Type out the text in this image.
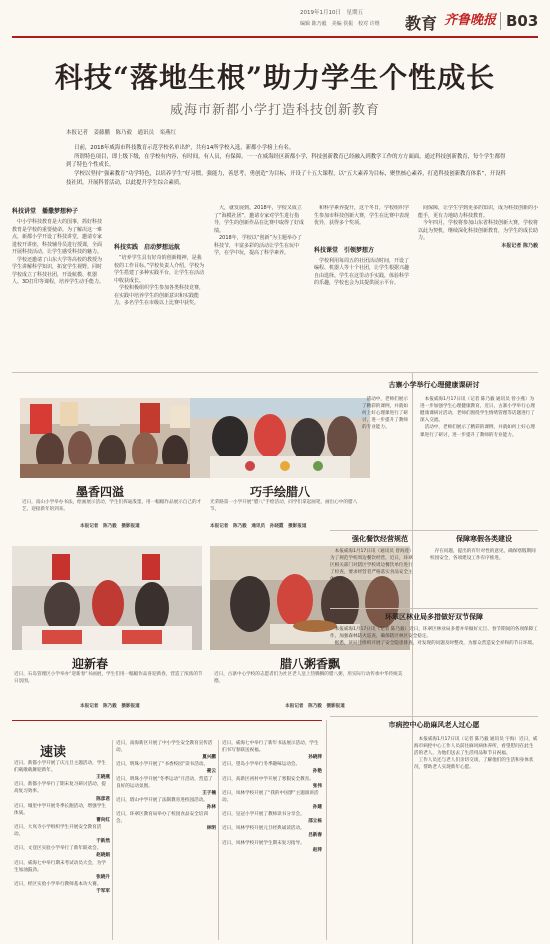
2019年1月10日　星期五
编辑 陈乃毅　美编 侯振　校对 许维 教育 齐鲁晚报 B03
科技“落地生根”助力学生个性成长
威海市新都小学打造科技创新教育
本报记者　姜藤鹏　陈乃毅　通讯员　栾燕红

日前，2018年威海市科技教育示范学校名单出炉，共有14所学校入选，新都小学榜上有名。

所谓特色项目，即上级下级，在学校有内容，有时间，有人员，有保障。一一在威海经区新都小学，科技创新教育已经融入到教学工作的方方面面，通过科技创新教育，每个学生都得到了特色个性成长。

学校以坚持“强素教育”功学特色，以培养学生“好习惯，强能力，善思考，勇创造”为目标，开设了十五大课程，以“五大素养为目标，聚焦核心素养，打造科技创新教育体系”，开设科技社团，开展科普活动，以此提升学生综合素质。

科技讲堂　播撒梦想种子

中小学科技教育是大的国事，抓好科技教育是学校的重要使命。为了解决这一难点，新都小学开设了科技讲堂，邀请专家进校开讲座，科技辅导员进行授课，全面开展科技活动，让学生感受科技的魅力。

学校还邀请了山东大学等高校的教授为学生讲解科学知识，拓宽学生视野。同时学校成立了科技社团，开设航模、机器人、3D打印等课程，培养学生动手能力。

科技实践　启动梦想远航

“培养学生具有好奇的创新精神，是我校的工作目标。”学校负责人介绍，学校为学生搭建了多种实践平台，让学生在活动中收获成长。

学校积极组织学生参加各类科技竞赛，在实践中培养学生的创新意识和实践能力，多名学生在市级以上比赛中获奖。

大，就发展到。2018年，学校又成立了“海模社团”，邀请专家对学生进行指导，学生的创新作品在比赛中取得了好成绩。

2018年，学校以“创新”为主题举办了科技节，丰富多彩的活动让学生在玩中学，在学中玩，提高了科学素养。

和科学素养提升，这个冬日，学校组织学生参加市科技创新大赛，学生在比赛中表现优异，获得多个奖项。

科技课堂　引领梦想方

学校利用每周五的社团活动时间，开设了编程、机器人等十个社团，让学生根据兴趣自由选择。学生在这里动手实践，体验科学的乐趣，学校也会为其提供展示平台。

间保障，让学生学到更多的知识，成为科技创新的小能手，更有力地助力科技教育。

今年四月，学校将参加山东省科技创新大赛，学校将以此为契机，继续深化科技创新教育，为学生的成长助力。

本报记者 陈乃毅

墨香四溢
近日，南山小学举办书法，绘画展示活动，学生们挥毫泼墨，用一幅幅作品展示自己的才艺，迎接新年的到来。
本报记者　陈乃毅　摄影报道
巧手绘腊八
光荣路第一小学开展“腊八”手绘活动，同学们拿起画笔，画出心中的腊八节。
本报记者　陈乃毅　通讯员　孙晓霞　摄影报道
迎新春
近日，石岛管理区小学举办“迎新春”书画展，学生们用一幅幅作品喜迎新春，营造了浓浓的节日氛围。
本报记者　陈乃毅　摄影报道
腊八粥香飘
近日，古寨中心学校的志愿者们为社区老人送上热腾腾的腊八粥，用实际行动传承中华传统美德。
本报记者　陈乃毅　摄影报道
古寨小学举行心理健康课研讨

本报威海1月17日讯（记者 陈乃毅 通讯员 曾小燕）为进一步加强学生心理健康教育，近日，古寨小学举行心理健康课研讨活动，老师们围绕学生情绪管理等话题进行了深入交流。

活动中，老师们展示了精彩的课例，并就如何上好心理课进行了研讨，进一步提升了教师的专业能力。

活动中，老师们展示了精彩的课例，并就如何上好心理课进行了研讨，进一步提升了教师的专业能力。

强化餐饮经营规范

本报威海1月17日讯（通讯员 曾海莲）为了规范学校周边餐饮经营，近日，环翠区相关部门对辖区学校周边餐饮单位进行了检查，要求经营者严格落实食品安全主体责任。

保障寒假各类建设

存在问题，提出的有针对性的意见，确保寒假期间校园安全，各项建设工作有序推进。

环翠区林业局多措做好双节保障

本报威海1月17日讯（记者 陈乃毅）近日，环翠区林业局多措并举做好元旦、春节期间的各项保障工作，加强森林防火巡查，确保辖区林区安全稳定。

据悉，该局还组织开展了安全隐患排查，对发现的问题及时整改，为群众营造安全祥和的节日环境。

市病控中心助麻风老人过心愿

本报威海1月17日讯（记者 陈乃毅 通讯员 宇海）近日，威海市病控中心工作人员前往麻风病休养所，看望慰问在此生活的老人，为他们送去了生活用品和节日祝福。

工作人员还与老人们亲切交谈，了解他们的生活和身体状况，帮助老人实现新年心愿。

速读

近日，新都小学开展了庆元旦主题活动，学生们载歌载舞迎新年。

王晓燕

近日，新都小学举行了期末复习研讨活动，提高复习效率。

陈彦君

近日，城里中学开展冬季长跑活动，增强学生体质。

曹向红

近日，大岚寺小学组织学生开展安全教育活动。

于新然

近日，文登区实验小学举行了新年联欢会。

赵晓娟

近日，威海七中举行期末考试动员大会，为学生加油鼓劲。

张晓升

近日，经区实验小学举行教师基本功大赛。

于军军

近日，南海新区开展了中小学生安全教育宣传活动。

夏兴鹏

近日，明珠小学开展了“书香校园”读书活动。

聂云

近日，明珠小学开展“冬季运动”月活动，营造了良好的运动氛围。

王子楠

近日，塔山中学开展了法制教育进校园活动。

孙林

近日，环翠区教育局举办了校园食品安全培训会。

林明

近日，威海七中举行了新年书法展示活动，学生们书写春联送祝福。

孙晓萍

近日，望岛小学举行冬季趣味运动会。

孙艳

近日，高新区初村中学开展了寒假安全教育。

张伟

近日，凤林学校开展了“我的中国梦”主题演讲活动。

孙建

近日，皇冠小学开展了教师读书分享会。

邵立栋

近日，凤林学校开展元旦经典诵读活动。

吕新春

近日，凤林学校开展学生期末复习指导。

赵萍
